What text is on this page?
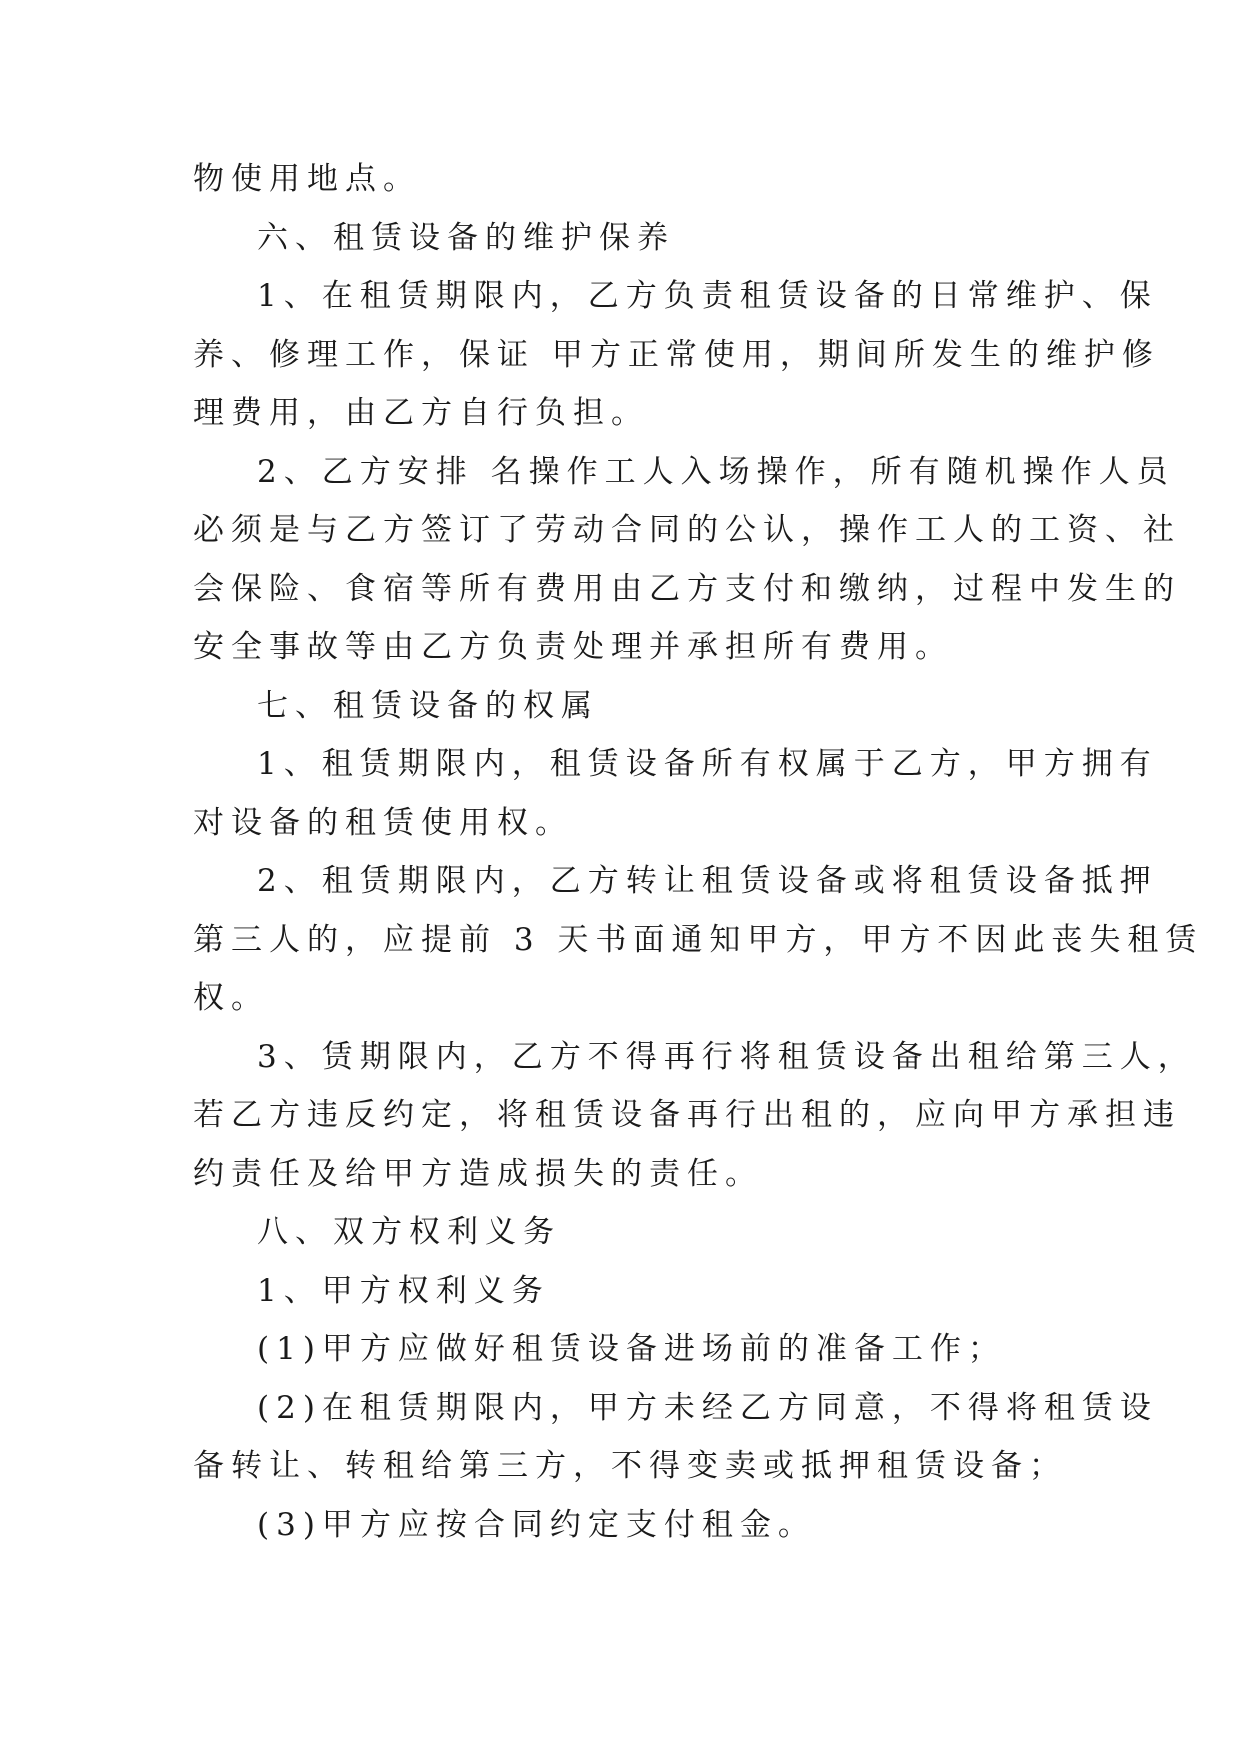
物使用地点。
六、租赁设备的维护保养
1、在租赁期限内，乙方负责租赁设备的日常维护、保
养、修理工作，保证 甲方正常使用，期间所发生的维护修
理费用，由乙方自行负担。
2、乙方安排 名操作工人入场操作，所有随机操作人员
必须是与乙方签订了劳动合同的公认，操作工人的工资、社
会保险、食宿等所有费用由乙方支付和缴纳，过程中发生的
安全事故等由乙方负责处理并承担所有费用。
七、租赁设备的权属
1、租赁期限内，租赁设备所有权属于乙方，甲方拥有
对设备的租赁使用权。
2、租赁期限内，乙方转让租赁设备或将租赁设备抵押
第三人的，应提前 3 天书面通知甲方，甲方不因此丧失租赁
权。
3、赁期限内，乙方不得再行将租赁设备出租给第三人，
若乙方违反约定，将租赁设备再行出租的，应向甲方承担违
约责任及给甲方造成损失的责任。
八、双方权利义务
1、甲方权利义务
(1)甲方应做好租赁设备进场前的准备工作；
(2)在租赁期限内，甲方未经乙方同意，不得将租赁设
备转让、转租给第三方，不得变卖或抵押租赁设备；
(3)甲方应按合同约定支付租金。
